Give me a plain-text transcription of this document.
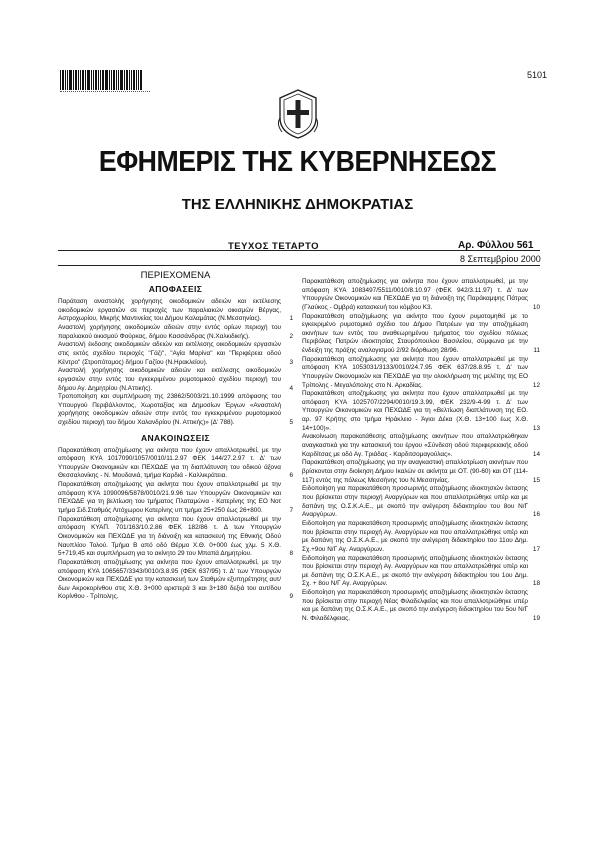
5101
ΕΦΗΜΕΡΙΣ ΤΗΣ ΚΥΒΕΡΝΗΣΕΩΣ
ΤΗΣ ΕΛΛΗΝΙΚΗΣ ΔΗΜΟΚΡΑΤΙΑΣ
ΤΕΥΧΟΣ ΤΕΤΑΡΤΟ	Αρ. Φύλλου 561
8 Σεπτεμβρίου 2000
ΠΕΡΙΕΧΟΜΕΝΑ
ΑΠΟΦΑΣΕΙΣ
Παράταση αναστολής χορήγησης οικοδομικών αδειών και εκτέλεσης οικοδομικών εργασιών σε περιοχές των παραλιακών οικισμών Βέργας, Αστροχωρίου, Μικρής Μαντινείας του Δήμου Καλαμάτας (Ν.Μεσσηνίας).	1
Αναστολή χορήγησης οικοδομικών αδειών στην εντός ορίων περιοχή του παραλιακού οικισμού Φούρκας, δήμου Κασσάνδρας (Ν.Χαλκιδικής).	2
Αναστολή έκδοσης οικοδομικών αδειών και εκτέλεσης οικοδομικών εργασιών στις εκτός σχεδίου περιοχές "Γάζι", "Αγία Μαρίνα" και "Περιφέρεια οδού Κέντρο" (Στροπότομος) δήμου Γαζίου (Ν.Ηρακλείου).	3
Αναστολή χορήγησης οικοδομικών αδειών και εκτέλεσης οικοδομικών εργασιών στην εντός του εγκεκριμένου ρυμοτομικού σχεδίου περιοχή του δήμου Αγ. Δημητρίου (Ν.Αττικής).	4
Τροποποίηση και συμπλήρωση της 23862/5003/21.10.1999 απόφασης του Υπουργού Περιβάλλοντος, Χωροταξίας και Δημοσίων Έργων «Αναστολή χορήγησης οικοδομικών αδειών στην εντός του εγκεκριμένου ρυμοτομικού σχεδίου περιοχή του δήμου Χαλανδρίου (Ν. Αττικής)» (Δ' 788).	5
ΑΝΑΚΟΙΝΩΣΕΙΣ
Παρακατάθεση αποζημίωσης για ακίνητα που έχουν απαλλοτριωθεί, με την απόφαση ΚΥΑ 1017090/1057/0010/11.2.97 ΦΕΚ 144/27.2.97 τ. Δ' των Υπουργών Οικονομικών και ΠΕΧΩΔΕ για τη διαπλάτυνση του οδικού άξονα Θεσσαλονίκης - Ν. Μουδανιά, τμήμα Καρδιά - Καλλικράτεια.	6
Παρακατάθεση αποζημίωσης για ακίνητα που έχουν απαλλοτριωθεί με την απόφαση ΚΥΑ 1090096/5878/0010/21.9.96 των Υπουργών Οικονομικών και ΠΕΧΩΔΕ για τη βελτίωση του τμήματος Πλαταμώνα - Κατερίνης της ΕΟ Νοτ τμήμα Σιδ.Σταθμός Λιτόχωρου Κατερίνης υπ τμήμα 25+250 έως 26+800.	7
Παρακατάθεση αποζημίωσης για ακίνητα που έχουν απαλλοτριωθεί με την απόφαση ΚΥΑΠ. 701/163/10.2.86 ΦΕΚ 182/86 τ. Δ των Υπουργών Οικονομικών και ΠΕΧΩΔΕ για τη διάνοιξη και κατασκευή της Εθνικής Οδού Ναυπλίου Τολού. Τμήμα Β από οδό Θέρμο Χ.Θ. 0+000 έως χλμ. 5 Χ.Θ. 5+719,45 και συμπλήρωση για το ακίνητο 29 του Μπαπά Δημητρίου.	8
Παρακατάθεση αποζημίωσης για ακίνητα που έχουν απαλλοτριωθεί, με την απόφαση ΚΥΑ 1065657/3343/0010/3.8.95 (ΦΕΚ 637/95) τ. Δ' των Υπουργών Οικονομικών και ΠΕΧΩΔΕ για την κατασκευή των Σταθμών εξυπηρέτησης αυτ/δων Ακροκορίνθου στις Χ.Θ. 3+000 αριστερά 3 και 3+180 δεξιά του αυτ/δου Κορίνθου - Τρίπολης.	9
Παρακατάθεση αποζημίωσης για ακίνητα που έχουν απαλλοτριωθεί, με την απόφαση ΚΥΑ 1083497/5511/0010/8.10.97 (ΦΕΚ 942/3.11.97) τ. Δ' των Υπουργών Οικονομικών και ΠΕΧΩΔΕ για τη διάνοιξη της Παράκαμψης Πάτρας (Γλαύκος - Ομβρά) κατασκευή του κόμβου Κ3.	10
Παρακατάθεση αποζημίωσης για ακίνητο που έχουν ρυμοτομηθεί με το εγκεκριμένο ρυμοτομικό σχέδιο του Δήμου Πατρέων για την αποζημίωση ακινήτων των εντός του αναθεωρημένου τμήματος του σχεδίου πόλεως Περιβόλας Πατρών ιδιοκτησίας Σταυρόπουλου Βασιλείου, σύμφωνα με την ένδειξη της πράξης αναλογισμού 2/92 διόρθωση 28/96.	11
Παρακατάθεση αποζημίωσης για ακίνητα που έχουν απαλλοτριωθεί με την απόφαση ΚΥΑ 1053031/3133/0010/24.7.95 ΦΕΚ 637/28.8.95 τ. Δ' των Υπουργών Οικονομικών και ΠΕΧΩΔΕ για την ολοκλήρωση της μελέτης της ΕΟ Τρίπολης - Μεγαλόπολης στο Ν. Αρκαδίας.	12
Παρακατάθεση αποζημίωσης για ακίνητα που έχουν απαλλοτριωθεί με την απόφαση ΚΥΑ 1025707/2294/0010/19.3.99, ΦΕΚ 232/9-4-99 τ. Δ' των Υπουργών Οικονομικών και ΠΕΧΩΔΕ για τη «Βελτίωση διαπλάτυνση της ΕΟ. αρ. 97 Κρήτης στο τμήμα Ηράκλειο - Άγιοι Δέκα (Χ.Θ. 13+100 έως Χ.Θ. 14+100)».	13
Ανακοίνωση παρακατάθεσης αποζημίωσης ακινήτων που απαλλοτριώθηκαν αναγκαστικά για την κατασκευή του έργου «Σύνδεση οδού περιφερειακής οδού Καρδίτσας με οδό Αγ. Τριάδας - Καρδιτσομαγούλας».	14
Παρακατάθεση αποζημίωσης για την αναγκαστική απαλλοτρίωση ακινήτων που βρίσκονται στην διοίκηση Δήμου Ικαλών σε ακίνητα με ΟΤ. (90-60) και ΟΤ (114-117) εντός της πόλεως Μεσσήνης του Ν.Μεσσηνίας.	15
Ειδοποίηση για παρακατάθεση προσωρινής αποζημίωσης ιδιοκτησιών έκτασης που βρίσκεται στην περιοχή Αναργύρων και που απαλλοτριώθηκε υπέρ και με δαπάνη της Ο.Σ.Κ.Α.Ε., με σκοπό την ανέγερση διδακτηρίου του 8ου Ν/Γ Αναργύρων.	16
Ειδοποίηση για παρακατάθεση προσωρινής αποζημίωσης ιδιοκτησιών έκτασης που βρίσκεται στην περιοχή Αγ. Αναργύρων και που απαλλοτριώθηκε υπέρ και με δαπάνη της Ο.Σ.Κ.Α.Ε., με σκοπό την ανέγερση διδακτηρίου του 11ου Δημ. Σχ.+9ου Ν/Γ Αγ. Αναργύρων.	17
Ειδοποίηση για παρακατάθεση προσωρινής αποζημίωσης ιδιοκτησιών έκτασης που βρίσκεται στην περιοχή Αγ. Αναργύρων και που απαλλοτριώθηκε υπέρ και με δαπάνη της Ο.Σ.Κ.Α.Ε., με σκοπό την ανέγερση διδακτηρίου του 1ου Δημ. Σχ. + 8ου Ν/Γ Αγ. Αναργύρων.	18
Ειδοποίηση για παρακατάθεση προσωρινής αποζημίωσης ιδιοκτησιών έκτασης που βρίσκεται στην περιοχή Νέας Φιλαδελφείας και που απαλλοτριώθηκε υπέρ και με δαπάνη της Ο.Σ.Κ.Α.Ε., με σκοπό την ανέγερση διδακτηρίου του 5ου Ν/Γ Ν. Φιλαδέλφειας.	19
